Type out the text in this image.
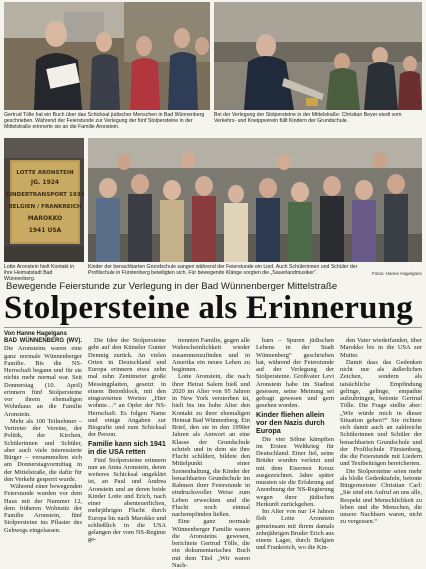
Gertrud Tölle hat ein Buch über das Schicksal jüdischer Menschen in Bad Wünnenberg geschrieben. Während der Feierstunde zur Verlegung der fünf Stolpersteine in der Mittelstraße erinnerte sie an die Familie Aronstein.
Bei der Verlegung der Stolpersteine in der Mittelstraße: Christian Beyer-stedt vom Verkehrs- und Kneippverein füllt Kindern der Grundschule.
LOTTE ARONSTEIN
JG. 1924
KINDERTRANSPORT 1939
BELGIEN / FRANKREICH
MAROKKO
1941 USA
Lotte Aronstein hielt Kontakt in ihre Heimatstadt Bad Wünnenberg.
Kinder der benachbarten Grundschule sangen während der Feierstunde ein Lied. Auch Schülerinnen und Schüler der Profilschule in Fürstenberg beteiligten sich. Für bewegende Klänge sorgten die „Sauerlandmusiker“.	Fotos: Hanne Hagelgans
Bewegende Feierstunde zur Verlegung in der Bad Wünnenberger Mittelstraße
Stolpersteine als Erinnerung
Von Hanne Hagelgans

BAD WÜNNENBERG (WV). Die Aronsteins waren eine ganz normale Wünnenberger Familie. Bis die NS-Herrschaft begann und für sie nichts mehr normal war. Seit Donnerstag (10. April) erinnern fünf Stolpersteine vor ihrem ehemaligen Wohnhaus an die Familie Aronstein.

Mehr als 100 Teilnehmer – Vertreter der Vereine, der Politik, der Kirchen, Schülerinnen und Schüler, aber auch viele interessierte Bürger – versammelten sich am Donnerstagvormittag in der Mittelstraße, die dafür für den Verkehr gesperrt wurde.

Während einer bewegenden Feierstunde wurden vor dem Haus mit der Nummer 12, dem früheren Wohnsitz der Familie Aronstein, fünf Stolpersteine ins Pflaster des Gehwegs eingelassen.

Die Idee der Stolpersteine geht auf den Künstler Gunter Demnig zurück. An vielen Orten in Deutschland und Europa erinnern etwa zehn mal zehn Zentimeter große Messingplatten, gesetzt in einem Betonblock, mit den eingravierten Worten „Hier wohnte…“ an Opfer der NS-Herrschaft. Es folgen Name und einige Angaben zur Biografie und zum Schicksal der Person.

Familie kann sich 1941 in die USA retten

Fünf Stolpersteine erinnern nun an Anna Aronstein, deren weiteres Schicksal ungeklärt ist, an Paul und Andrea Aronstein und an deren beide Kinder Lotte und Erich, nach einer abenteuerlichen, mehrjährigen Flucht durch Europa bis nach Marokko und schließlich in die USA gelangen der vom NS-Regime ge-

trennten Familie, gegen alle Wahrscheinlichkeit wieder zusammenzufinden und in Amerika ein neues Leben zu beginnen.

Lotte Aronstein, die nach ihrer Heirat Salem hieß und 2020 im Alter von 95 Jahren in New York verstorben ist, hielt bis ins hohe Alter den Kontakt zu ihrer ehemaligen Heimat Bad Wünnenberg. Ein Brief, den sie in den 1990er Jahren als Antwort an eine Klasse der Grundschule schrieb und in dem sie ihre Flucht schildert, bildete den Mittelpunkt einer Szenenhaltung, die Kinder der benachbarten Grundschule im Rahmen ihrer Feierstunde in eindrucksvoller Weise zum Leben erweckten und die Flucht noch einmal nachempfinden ließen.

Eine ganz normale Wünnenberger Familie waren die Aronsteins gewesen, berichtete Gertrud Tölle, die ein dokumentarisches Buch mit dem Titel „Wir waren Nach-

barn – Spuren jüdischen Lebens in der Stadt Wünnenberg“ geschrieben hat, während der Feierstunde auf der Verlegung der Stolpersteine. Großvater Levi Aronstein habe im Stadtrat gesessen, seine Meinung sei gefragt gewesen und gern gesehen worden.

Kinder fliehen allein vor den Nazis durch Europa

Die vier Söhne kämpften im Ersten Weltkrieg für Deutschland. Einer fiel, seine Brüder wurden verletzt und mit dem Eisernen Kreuz ausgezeichnet. Jahre später mussten sie die Erfahrung auf Anordnung der NS-Regierung wegen ihrer jüdischen Herkunft zurückgeben.

Im Alter von nur 14 Jahren floh Lotte Aronstein gemeinsam mit ihrem damals zehnjährigen Bruder Erich aus einem Lager, durch Belgien und Frankreich, wo die Kin-

den Vater wiederfanden, über Marokko bis in die USA zur Mutter.

Damit dass das Gedenken nicht nur als äußerlichen Zeichen, sondern als tatsächliche Empfindung gelinge, gelinge, empathie aufzubringen, betonte Gertrud Tölle. Die Frage stellte aber: „Wie würde mich in dieser Situation gehen?“ Sie richtete sich damit auch an zahlreiche Schülerinnen und Schüler der benachbarten Grundschule und der Profilschule Fürstenberg, die die Feierstunde mit Liedern und Textbeiträgen bereicherten.

Die Stolpersteine seien mehr als bloße Gedenktafeln, betonte Bürgermeister Christian Carl: „Sie sind ein Aufruf an uns alle, Respekt und Menschlichkeit zu leben und die Menschen, die unsere Nachbarn waren, nicht zu vergessen.“
